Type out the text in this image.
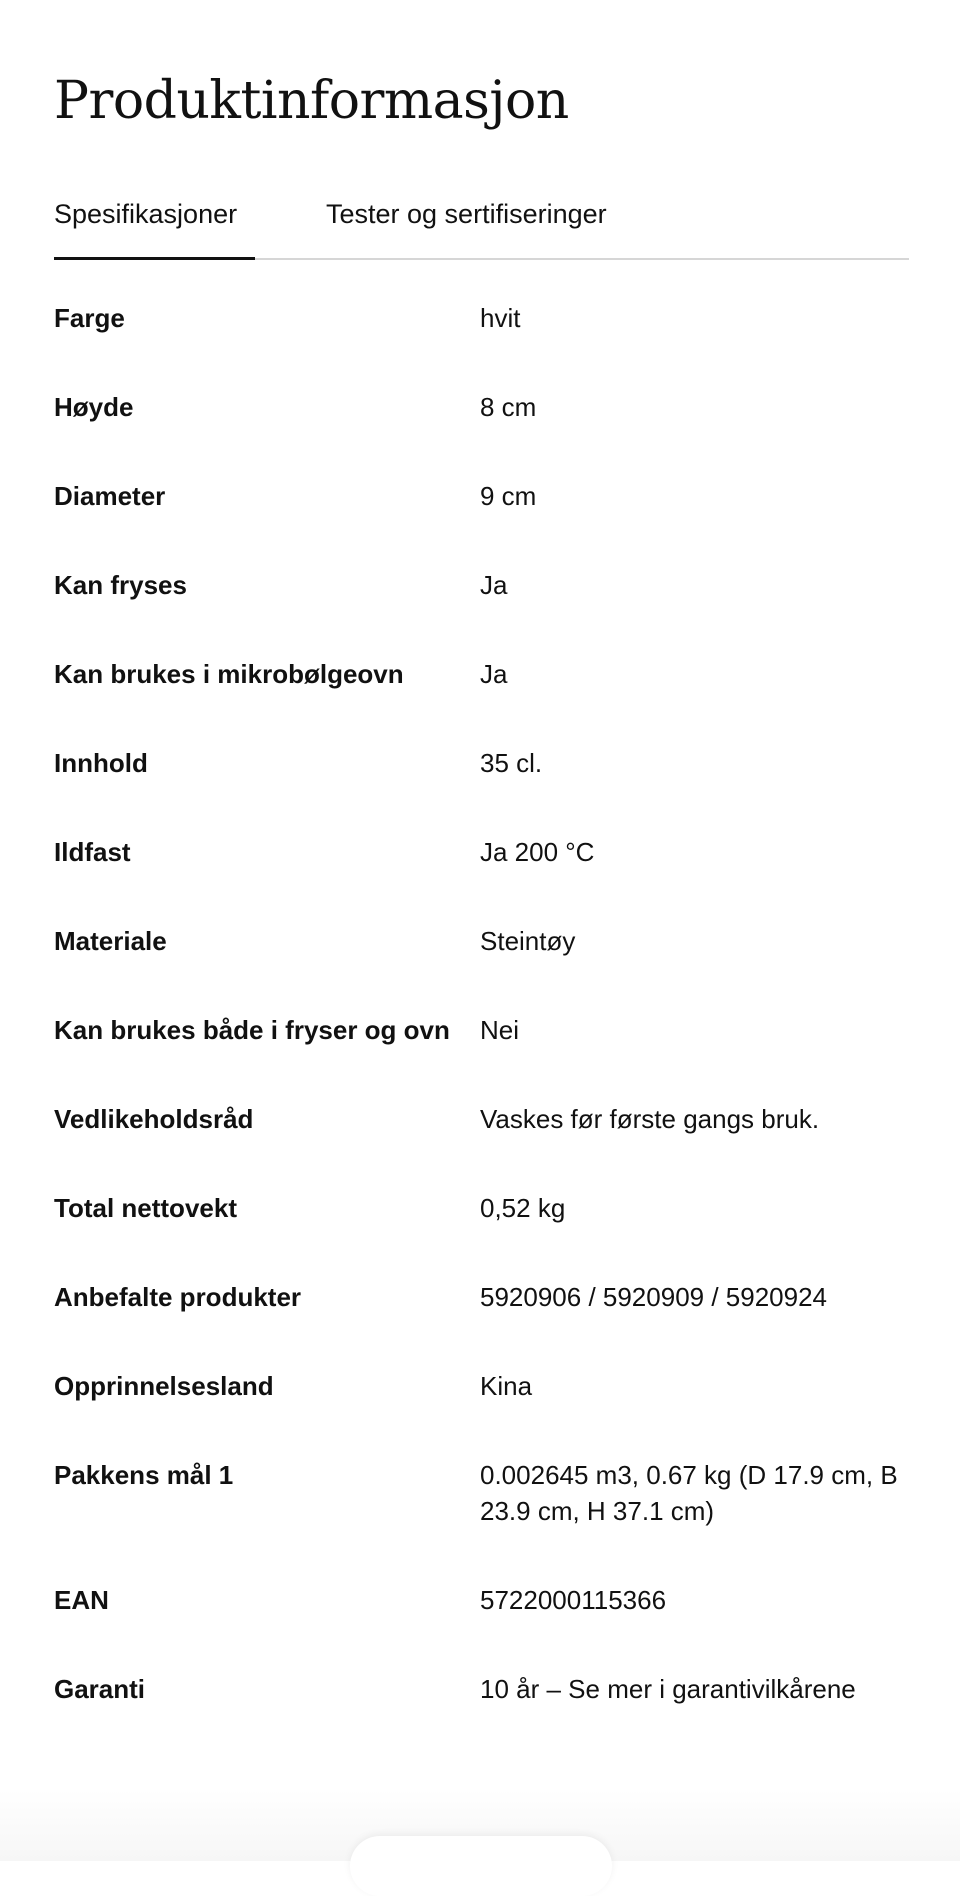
Produktinformasjon
Spesifikasjoner	Tester og sertifiseringer
Farge	hvit
Høyde	8 cm
Diameter	9 cm
Kan fryses	Ja
Kan brukes i mikrobølgeovn	Ja
Innhold	35 cl.
Ildfast	Ja 200 °C
Materiale	Steintøy
Kan brukes både i fryser og ovn	Nei
Vedlikeholdsråd	Vaskes før første gangs bruk.
Total nettovekt	0,52 kg
Anbefalte produkter	5920906 / 5920909 / 5920924
Opprinnelsesland	Kina
Pakkens mål 1	0.002645 m3, 0.67 kg (D 17.9 cm, B 23.9 cm, H 37.1 cm)
EAN	5722000115366
Garanti	10 år – Se mer i garantivilkårene
